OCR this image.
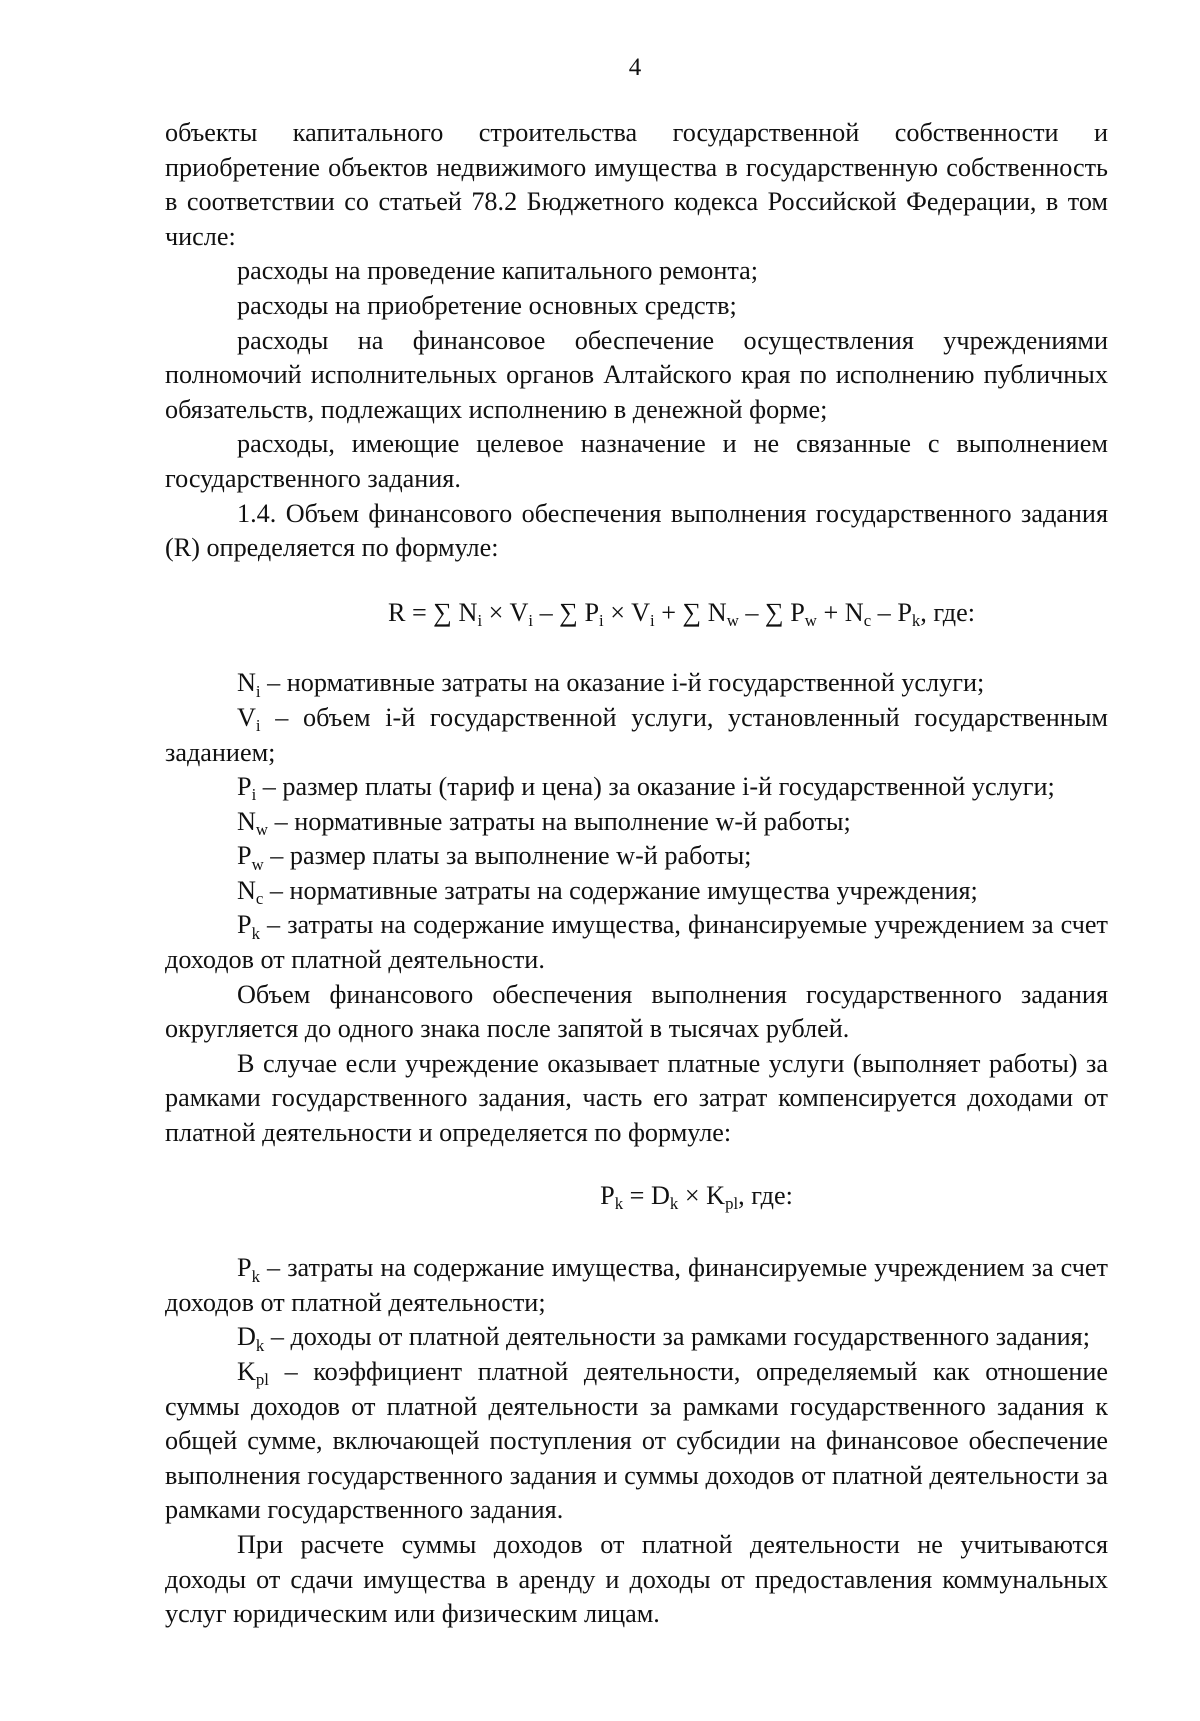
4

объекты капитального строительства государственной собственности и приобретение объектов недвижимого имущества в государственную собственность в соответствии со статьей 78.2 Бюджетного кодекса Российской Федерации, в том числе:

расходы на проведение капитального ремонта;

расходы на приобретение основных средств;

расходы на финансовое обеспечение осуществления учреждениями полномочий исполнительных органов Алтайского края по исполнению публичных обязательств, подлежащих исполнению в денежной форме;

расходы, имеющие целевое назначение и не связанные с выполнением государственного задания.

1.4. Объем финансового обеспечения выполнения государственного задания (R) определяется по формуле:

R = ∑ $N_i \times V_i$ – ∑ $P_i \times V_i$ + ∑ $N_w$ – ∑ $P_w + N_c - P_k$, где:

$N_i$ – нормативные затраты на оказание i-й государственной услуги;

$V_i$ – объем i-й государственной услуги, установленный государственным заданием;

$P_i$ – размер платы (тариф и цена) за оказание i-й государственной услуги;

$N_w$ – нормативные затраты на выполнение w-й работы;

$P_w$ – размер платы за выполнение w-й работы;

$N_c$ – нормативные затраты на содержание имущества учреждения;

$P_k$ – затраты на содержание имущества, финансируемые учреждением за счет доходов от платной деятельности.

Объем финансового обеспечения выполнения государственного задания округляется до одного знака после запятой в тысячах рублей.

В случае если учреждение оказывает платные услуги (выполняет работы) за рамками государственного задания, часть его затрат компенсируется доходами от платной деятельности и определяется по формуле:

$P_k = D_k \times K_{pl}$, где:

$P_k$ – затраты на содержание имущества, финансируемые учреждением за счет доходов от платной деятельности;

$D_k$ – доходы от платной деятельности за рамками государственного задания;

$K_{pl}$ – коэффициент платной деятельности, определяемый как отношение суммы доходов от платной деятельности за рамками государственного задания к общей сумме, включающей поступления от субсидии на финансовое обеспечение выполнения государственного задания и суммы доходов от платной деятельности за рамками государственного задания.

При расчете суммы доходов от платной деятельности не учитываются доходы от сдачи имущества в аренду и доходы от предоставления коммунальных услуг юридическим или физическим лицам.
